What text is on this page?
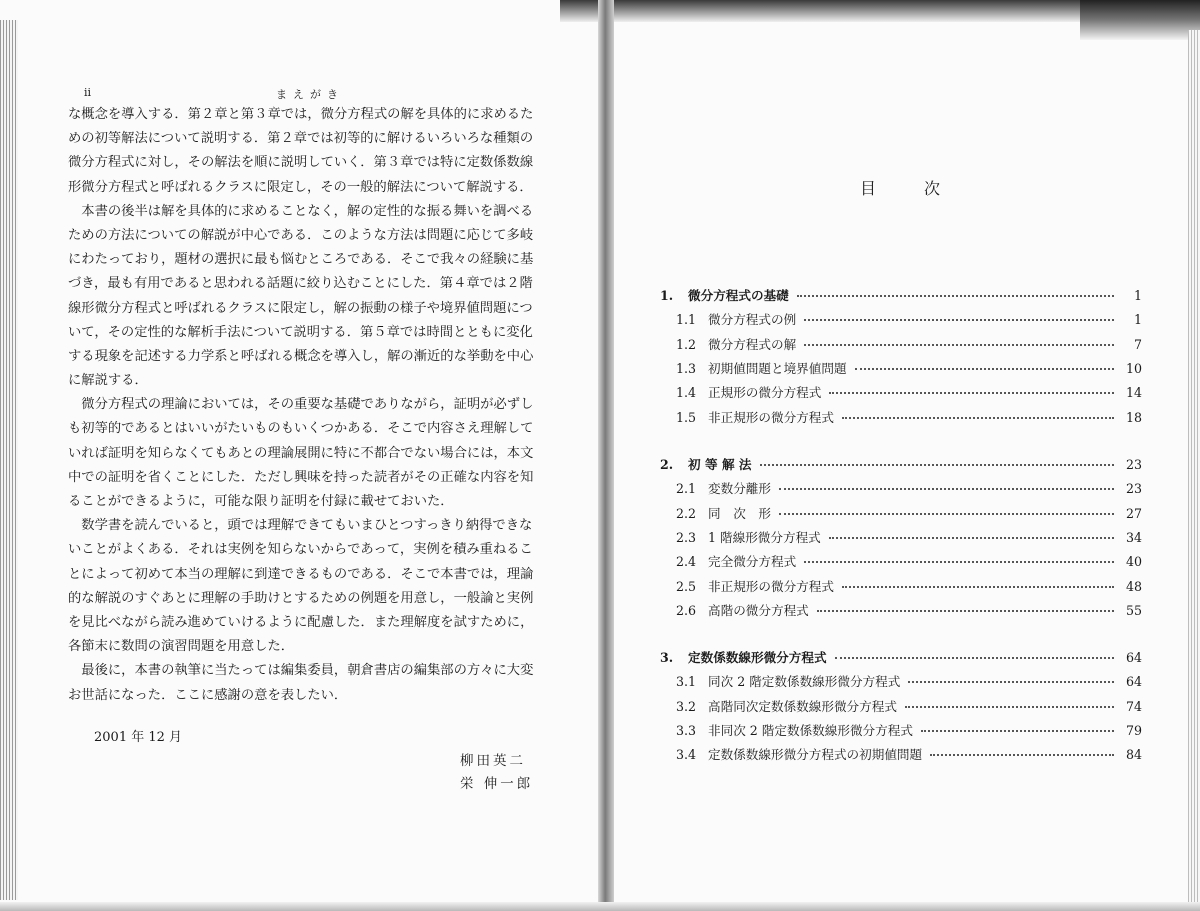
ii	まえがき
な概念を導入する．第２章と第３章では，微分方程式の解を具体的に求めるた
めの初等解法について説明する．第２章では初等的に解けるいろいろな種類の
微分方程式に対し，その解法を順に説明していく．第３章では特に定数係数線
形微分方程式と呼ばれるクラスに限定し，その一般的解法について解説する．
　本書の後半は解を具体的に求めることなく，解の定性的な振る舞いを調べる
ための方法についての解説が中心である．このような方法は問題に応じて多岐
にわたっており，題材の選択に最も悩むところである．そこで我々の経験に基
づき，最も有用であると思われる話題に絞り込むことにした．第４章では２階
線形微分方程式と呼ばれるクラスに限定し，解の振動の様子や境界値問題につ
いて，その定性的な解析手法について説明する．第５章では時間とともに変化
する現象を記述する力学系と呼ばれる概念を導入し，解の漸近的な挙動を中心
に解説する．
　微分方程式の理論においては，その重要な基礎でありながら，証明が必ずし
も初等的であるとはいいがたいものもいくつかある．そこで内容さえ理解して
いれば証明を知らなくてもあとの理論展開に特に不都合でない場合には，本文
中での証明を省くことにした．ただし興味を持った読者がその正確な内容を知
ることができるように，可能な限り証明を付録に載せておいた．
　数学書を読んでいると，頭では理解できてもいまひとつすっきり納得できな
いことがよくある．それは実例を知らないからであって，実例を積み重ねるこ
とによって初めて本当の理解に到達できるものである．そこで本書では，理論
的な解説のすぐあとに理解の手助けとするための例題を用意し，一般論と実例
を見比べながら読み進めていけるように配慮した．また理解度を試すために，
各節末に数問の演習問題を用意した．
　最後に，本書の執筆に当たっては編集委員，朝倉書店の編集部の方々に大変
お世話になった．ここに感謝の意を表したい．
2001 年 12 月
柳田英二
栄 伸一郎
目次
1.	微分方程式の基礎	1
1.1 微分方程式の例	1
1.2 微分方程式の解	7
1.3 初期値問題と境界値問題	10
1.4 正規形の微分方程式	14
1.5 非正規形の微分方程式	18
2.	初 等 解 法	23
2.1 変数分離形	23
2.2 同　次　形	27
2.3 1 階線形微分方程式	34
2.4 完全微分方程式	40
2.5 非正規形の微分方程式	48
2.6 高階の微分方程式	55
3.	定数係数線形微分方程式	64
3.1 同次 2 階定数係数線形微分方程式	64
3.2 高階同次定数係数線形微分方程式	74
3.3 非同次 2 階定数係数線形微分方程式	79
3.4 定数係数線形微分方程式の初期値問題	84
